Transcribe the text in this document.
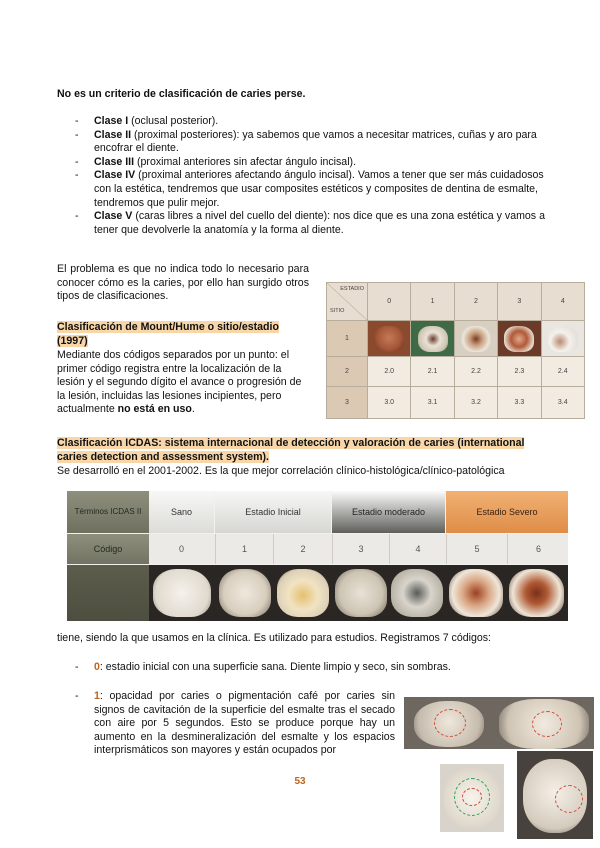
No es un criterio de clasificación de caries perse.
- Clase I (oclusal posterior).
- Clase II (proximal posteriores): ya sabemos que vamos a necesitar matrices, cuñas y aro para encofrar el diente.
- Clase III (proximal anteriores sin afectar ángulo incisal).
- Clase IV (proximal anteriores afectando ángulo incisal). Vamos a tener que ser más cuidadosos con la estética, tendremos que usar composites estéticos y composites de dentina de esmalte, tendremos que pulir mejor.
- Clase V (caras libres a nivel del cuello del diente): nos dice que es una zona estética y vamos a tener que devolverle la anatomía y la forma al diente.
El problema es que no indica todo lo necesario para conocer cómo es la caries, por ello han surgido otros tipos de clasificaciones.
Clasificación de Mount/Hume o sitio/estadio (1997)
Mediante dos códigos separados por un punto: el primer código registra entre la localización de la lesión y el segundo dígito el avance o progresión de la lesión, incluidas las lesiones incipientes, pero actualmente no está en uso.
ESTADIO
SITIO	0	1	2	3	4
1	

2	2.0	2.1	2.2	2.3	2.4
3	3.0	3.1	3.2	3.3	3.4
Clasificación ICDAS: sistema internacional de detección y valoración de caries (international caries detection and assessment system).
Se desarrolló en el 2001-2002. Es la que mejor correlación clínico-histológica/clínico-patológica
Términos ICDAS II	Sano	Estadio Inicial	Estadio moderado	Estadio Severo
Código	0	1	2	3	4	5	6
tiene, siendo la que usamos en la clínica. Es utilizado para estudios. Registramos 7 códigos:
- 0: estadio inicial con una superficie sana. Diente limpio y seco, sin sombras.
- 1: opacidad por caries o pigmentación café por caries sin signos de cavitación de la superficie del esmalte tras el secado con aire por 5 segundos. Esto se produce porque hay un aumento en la desmineralización del esmalte y los espacios interprismáticos son mayores y están ocupados por
53
